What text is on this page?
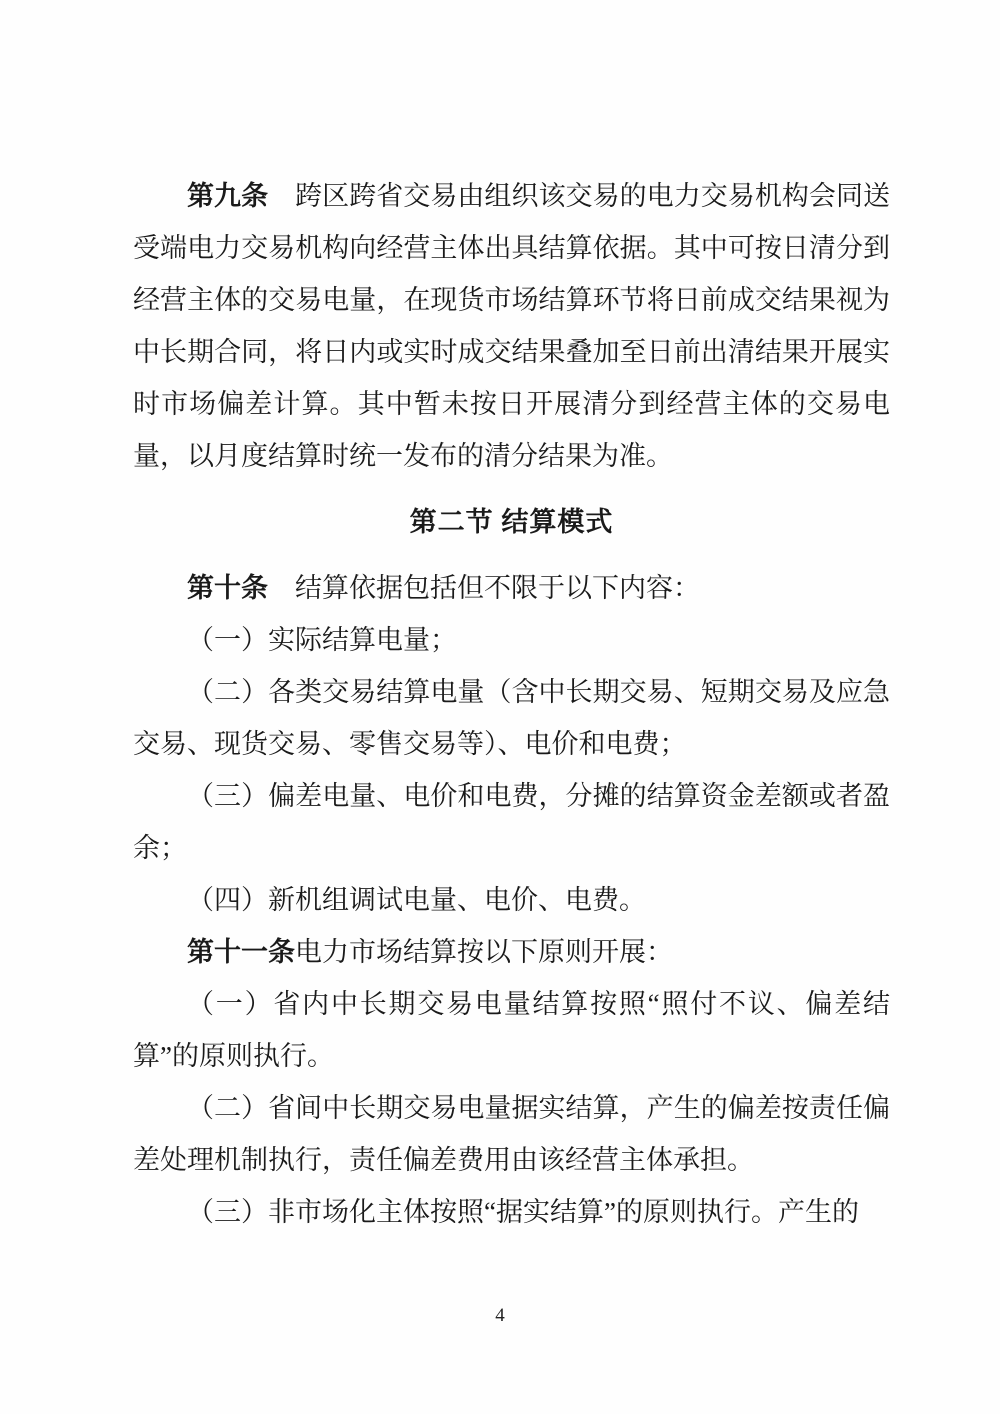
第九条 跨区跨省交易由组织该交易的电力交易机构会同送受端电力交易机构向经营主体出具结算依据。其中可按日清分到经营主体的交易电量，在现货市场结算环节将日前成交结果视为中长期合同，将日内或实时成交结果叠加至日前出清结果开展实时市场偏差计算。其中暂未按日开展清分到经营主体的交易电量，以月度结算时统一发布的清分结果为准。

第二节 结算模式

第十条 结算依据包括但不限于以下内容：

（一）实际结算电量；

（二）各类交易结算电量（含中长期交易、短期交易及应急交易、现货交易、零售交易等）、电价和电费；

（三）偏差电量、电价和电费，分摊的结算资金差额或者盈余；

（四）新机组调试电量、电价、电费。

第十一条电力市场结算按以下原则开展：

（一）省内中长期交易电量结算按照“照付不议、偏差结算”的原则执行。

（二）省间中长期交易电量据实结算，产生的偏差按责任偏差处理机制执行，责任偏差费用由该经营主体承担。

（三）非市场化主体按照“据实结算”的原则执行。产生的

4
